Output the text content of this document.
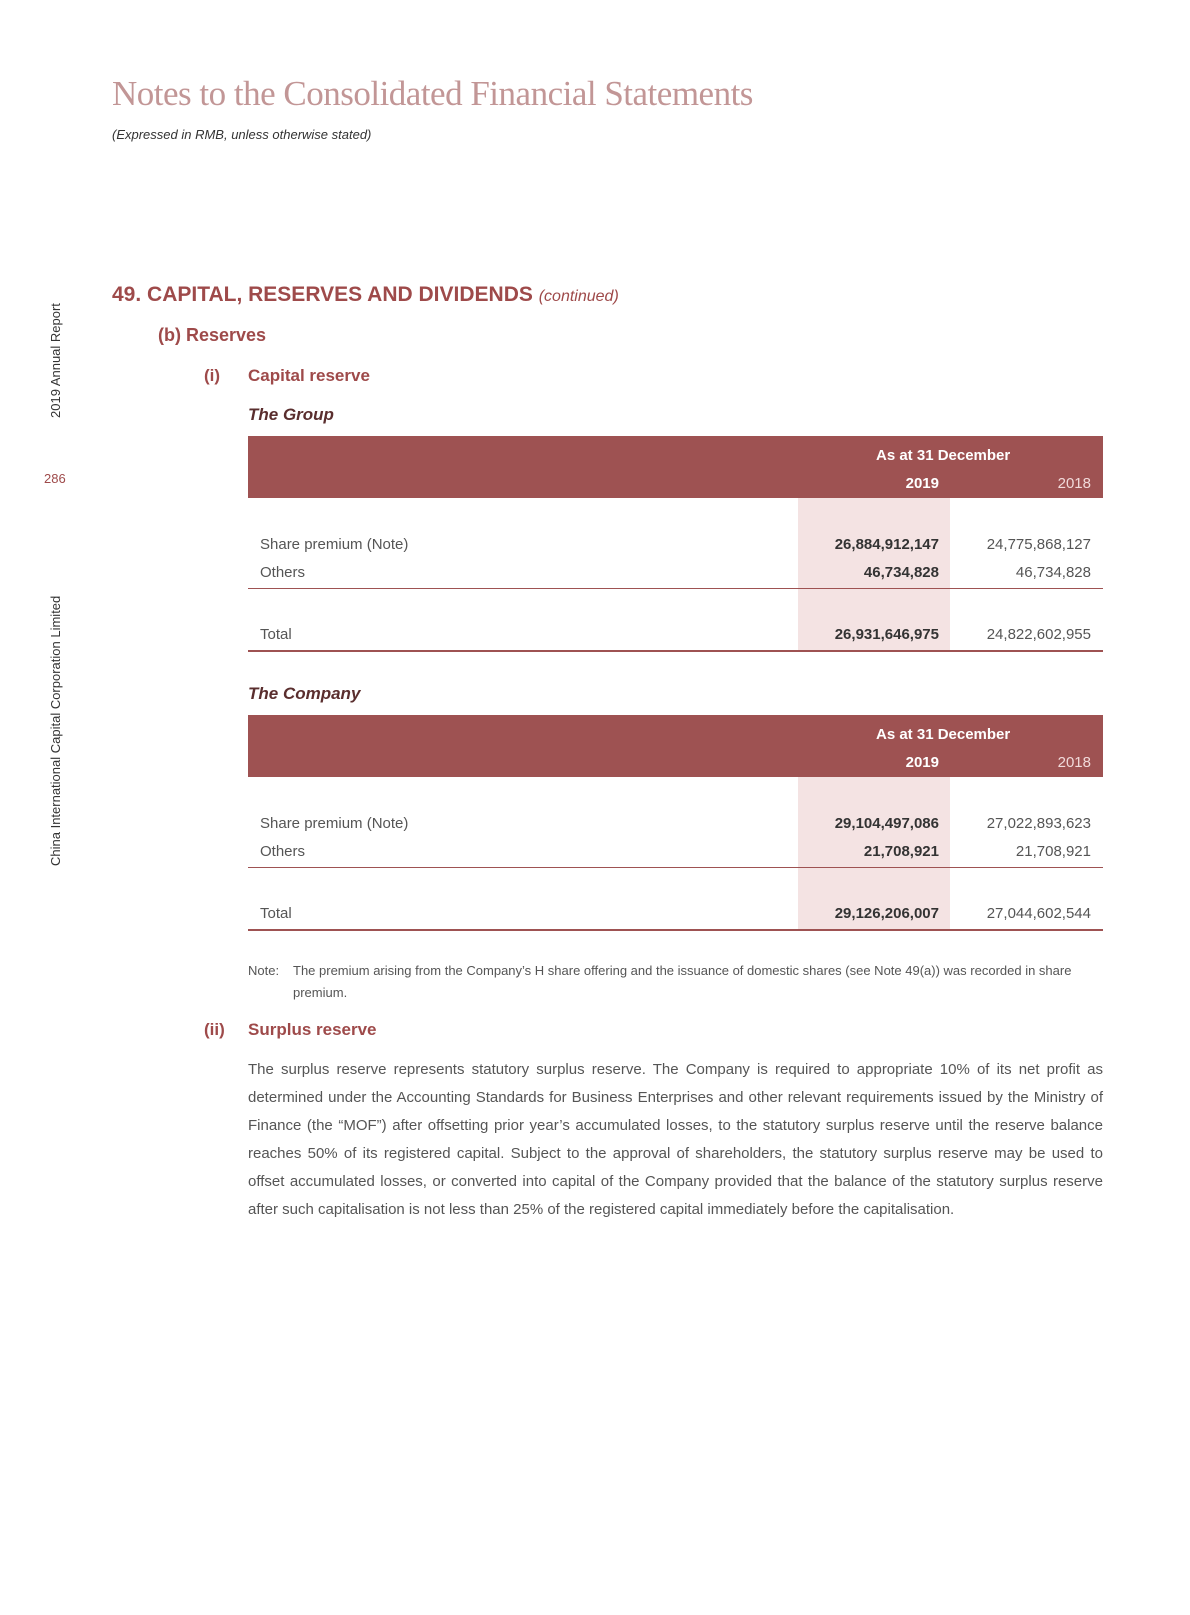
Notes to the Consolidated Financial Statements
(Expressed in RMB, unless otherwise stated)
2019 Annual Report
286
China International Capital Corporation Limited
49. CAPITAL, RESERVES AND DIVIDENDS (continued)
(b) Reserves
(i) Capital reserve
The Group
As at 31 December
2019	2018
Share premium (Note)	26,884,912,147	24,775,868,127
Others	46,734,828	46,734,828
Total	26,931,646,975	24,822,602,955
The Company
As at 31 December
2019	2018
Share premium (Note)	29,104,497,086	27,022,893,623
Others	21,708,921	21,708,921
Total	29,126,206,007	27,044,602,544
Note: The premium arising from the Company’s H share offering and the issuance of domestic shares (see Note 49(a)) was recorded in share premium.
(ii) Surplus reserve
The surplus reserve represents statutory surplus reserve. The Company is required to appropriate 10% of its net profit as determined under the Accounting Standards for Business Enterprises and other relevant requirements issued by the Ministry of Finance (the “MOF”) after offsetting prior year’s accumulated losses, to the statutory surplus reserve until the reserve balance reaches 50% of its registered capital. Subject to the approval of shareholders, the statutory surplus reserve may be used to offset accumulated losses, or converted into capital of the Company provided that the balance of the statutory surplus reserve after such capitalisation is not less than 25% of the registered capital immediately before the capitalisation.
